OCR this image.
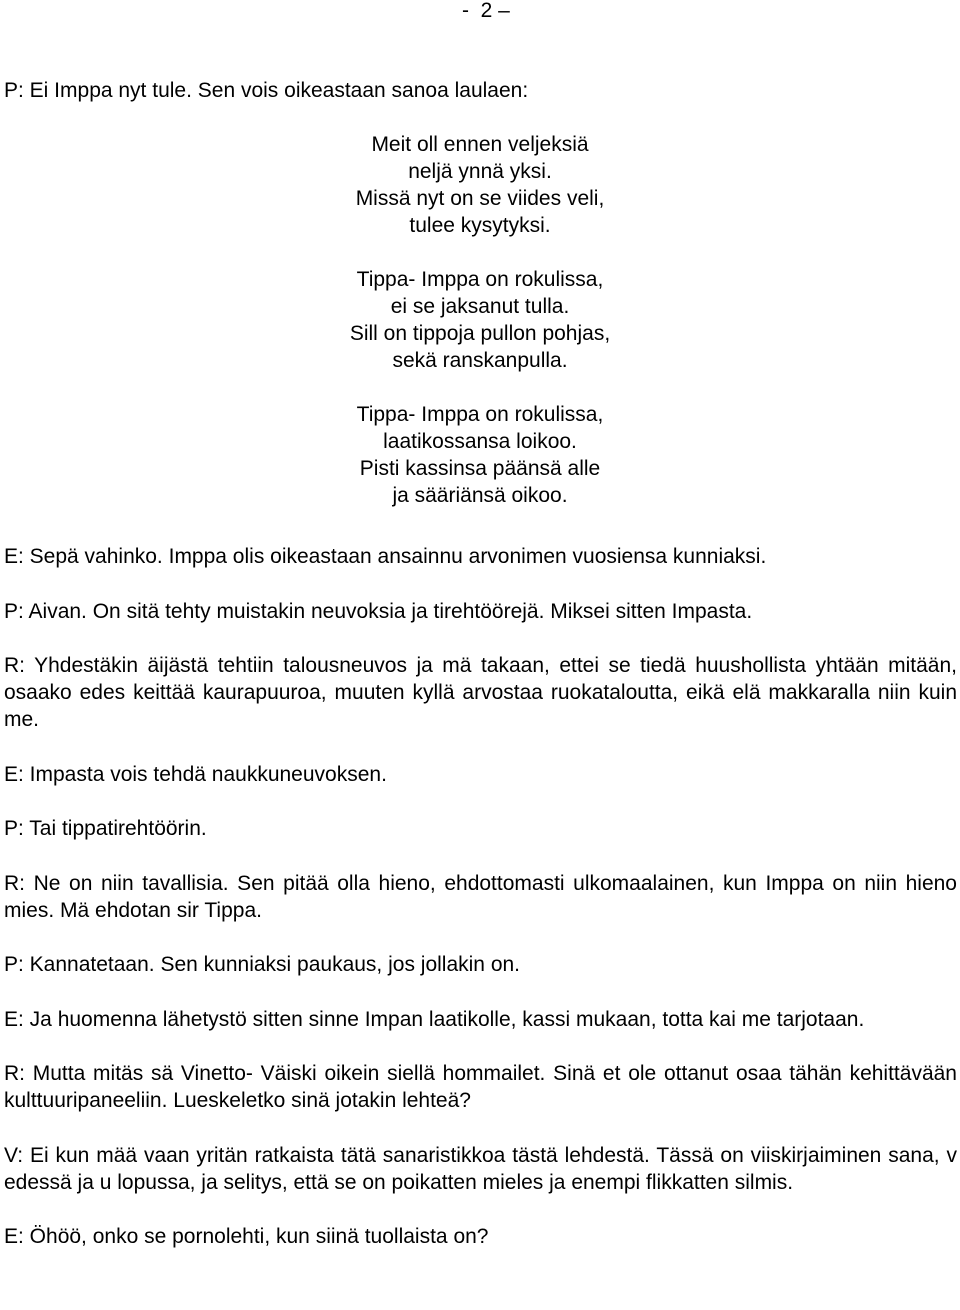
-  2 –

P: Ei Imppa nyt tule. Sen vois oikeastaan sanoa laulaen:

Meit oll ennen veljeksiä
neljä ynnä yksi.
Missä nyt on se viides veli,
tulee kysytyksi.
Tippa- Imppa on rokulissa,
ei se jaksanut tulla.
Sill on tippoja pullon pohjas,
sekä ranskanpulla.
Tippa- Imppa on rokulissa,
laatikossansa loikoo.
Pisti kassinsa päänsä alle
ja sääriänsä oikoo.

E: Sepä vahinko. Imppa olis oikeastaan ansainnu arvonimen vuosiensa kunniaksi.

P: Aivan. On sitä tehty muistakin neuvoksia ja tirehtöörejä. Miksei sitten Impasta.

R: Yhdestäkin äijästä tehtiin talousneuvos ja mä takaan, ettei se tiedä huushollista yhtään mitään, osaako edes keittää kaurapuuroa, muuten kyllä arvostaa ruokataloutta, eikä elä makkaralla niin kuin me.

E: Impasta vois tehdä naukkuneuvoksen.

P: Tai tippatirehtöörin.

R: Ne on niin tavallisia. Sen pitää olla hieno, ehdottomasti ulkomaalainen, kun Imppa on niin hieno mies. Mä ehdotan sir Tippa.

P: Kannatetaan. Sen kunniaksi paukaus, jos jollakin on.

E: Ja huomenna lähetystö sitten sinne Impan laatikolle, kassi mukaan, totta kai me tarjotaan.

R: Mutta mitäs sä Vinetto- Väiski oikein siellä hommailet. Sinä et ole ottanut osaa tähän kehittävään kulttuuripaneeliin. Lueskeletko sinä jotakin lehteä?

V: Ei kun mää vaan yritän ratkaista tätä sanaristikkoa tästä lehdestä. Tässä on viiskirjaiminen sana, v edessä ja u lopussa, ja selitys, että se on poikatten mieles ja enempi flikkatten silmis.

E: Öhöö, onko se pornolehti, kun siinä tuollaista on?
